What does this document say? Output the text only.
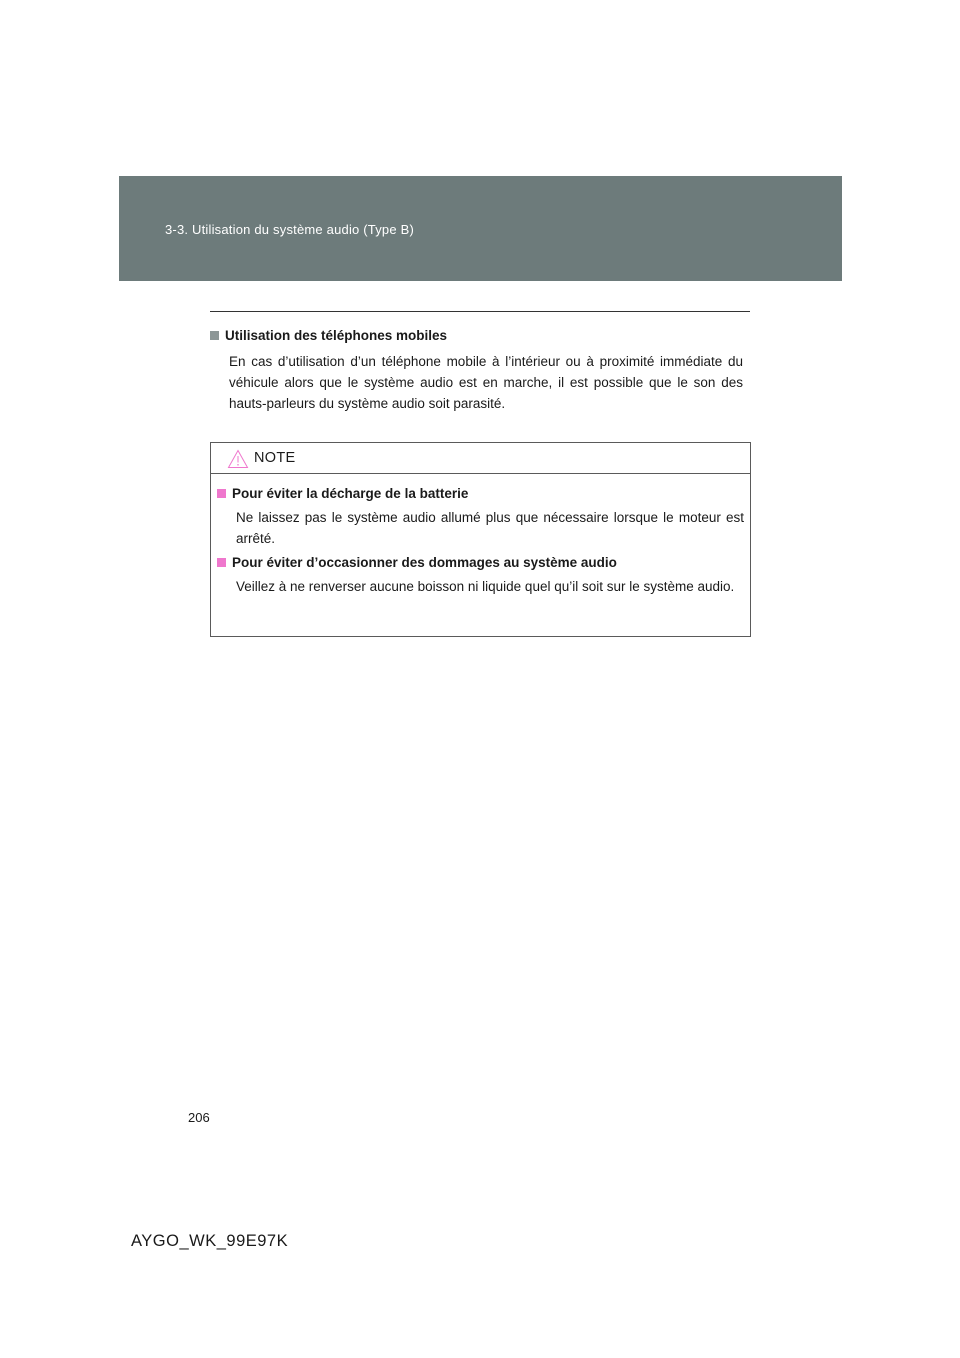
3-3. Utilisation du système audio (Type B)
Utilisation des téléphones mobiles
En cas d’utilisation d’un téléphone mobile à l’intérieur ou à proximité immédiate du véhicule alors que le système audio est en marche, il est possible que le son des hauts-parleurs du système audio soit parasité.
NOTE
Pour éviter la décharge de la batterie
Ne laissez pas le système audio allumé plus que nécessaire lorsque le moteur est arrêté.
Pour éviter d’occasionner des dommages au système audio
Veillez à ne renverser aucune boisson ni liquide quel qu’il soit sur le système audio.
206
AYGO_WK_99E97K
